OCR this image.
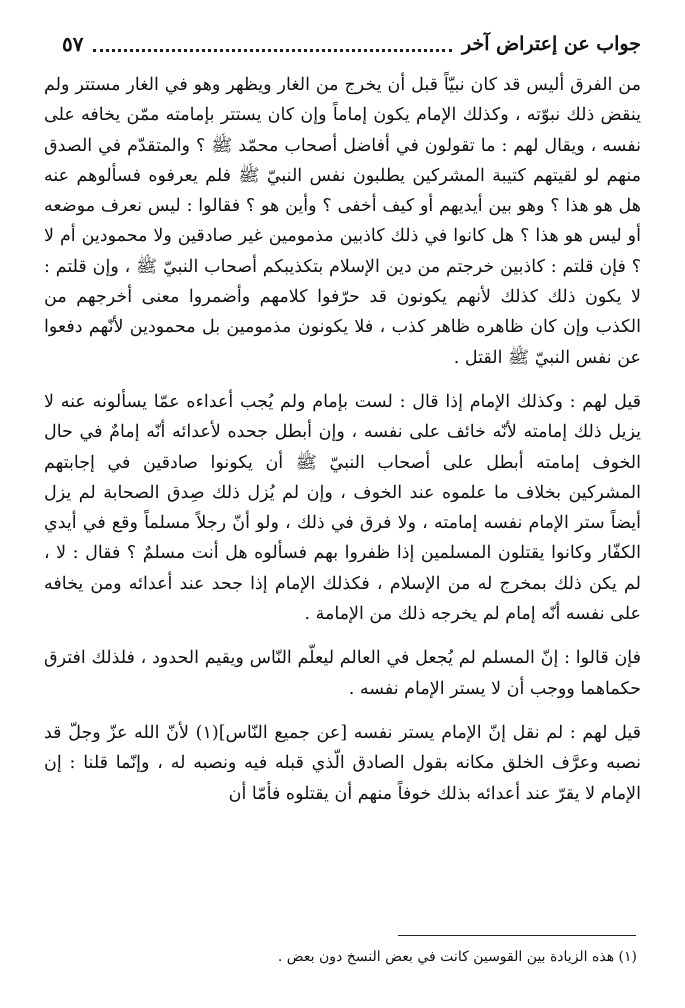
جواب عن إعتراض آخر
٥٧

من الفرق أليس قد كان نبيّاً قبل أن يخرج من الغار ويظهر وهو في الغار مستتر ولم ينقض ذلك نبوّته ، وكذلك الإمام يكون إماماً وإن كان يستتر بإمامته ممّن يخافه على نفسه ، ويقال لهم : ما تقولون في أفاضل أصحاب محمّد ﷺ ؟ والمتقدّم في الصدق منهم لو لقيتهم كتيبة المشركين يطلبون نفس النبيّ ﷺ فلم يعرفوه فسألوهم عنه هل هو هذا ؟ وهو بين أيديهم أو كيف أخفى ؟ وأين هو ؟ فقالوا : ليس نعرف موضعه أو ليس هو هذا ؟ هل كانوا في ذلك كاذبين مذمومين غير صادقين ولا محمودين أم لا ؟ فإن قلتم : كاذبين خرجتم من دين الإسلام بتكذيبكم أصحاب النبيّ ﷺ ، وإن قلتم : لا يكون ذلك كذلك لأنهم يكونون قد حرّفوا كلامهم وأضمروا معنى أخرجهم من الكذب وإن كان ظاهره ظاهر كذب ، فلا يكونون مذمومين بل محمودين لأنّهم دفعوا عن نفس النبيّ ﷺ القتل .

قيل لهم : وكذلك الإمام إذا قال : لست بإمام ولم يُجب أعداءه عمّا يسألونه عنه لا يزيل ذلك إمامته لأنّه خائف على نفسه ، وإن أبطل جحده لأعدائه أنّه إمامٌ في حال الخوف إمامته أبطل على أصحاب النبيّ ﷺ أن يكونوا صادقين في إجابتهم المشركين بخلاف ما علموه عند الخوف ، وإن لم يُزل ذلك صِدق الصحابة لم يزل أيضاً ستر الإمام نفسه إمامته ، ولا فرق في ذلك ، ولو أنّ رجلاً مسلماً وقع في أيدي الكفّار وكانوا يقتلون المسلمين إذا ظفروا بهم فسألوه هل أنت مسلمٌ ؟ فقال : لا ، لم يكن ذلك بمخرج له من الإسلام ، فكذلك الإمام إذا جحد عند أعدائه ومن يخافه على نفسه أنّه إمام لم يخرجه ذلك من الإمامة .

فإن قالوا : إنّ المسلم لم يُجعل في العالم ليعلّم النّاس ويقيم الحدود ، فلذلك افترق حكماهما ووجب أن لا يستر الإمام نفسه .

قيل لهم : لم نقل إنّ الإمام يستر نفسه [عن جميع النّاس](١) لأنّ الله عزّ وجلّ قد نصبه وعرَّف الخلق مكانه بقول الصادق الّذي قبله فيه ونصبه له ، وإنّما قلنا : إن الإمام لا يقرّ عند أعدائه بذلك خوفاً منهم أن يقتلوه فأمّا أن

(١) هذه الزيادة بين القوسين كانت في بعض النسخ دون بعض .
